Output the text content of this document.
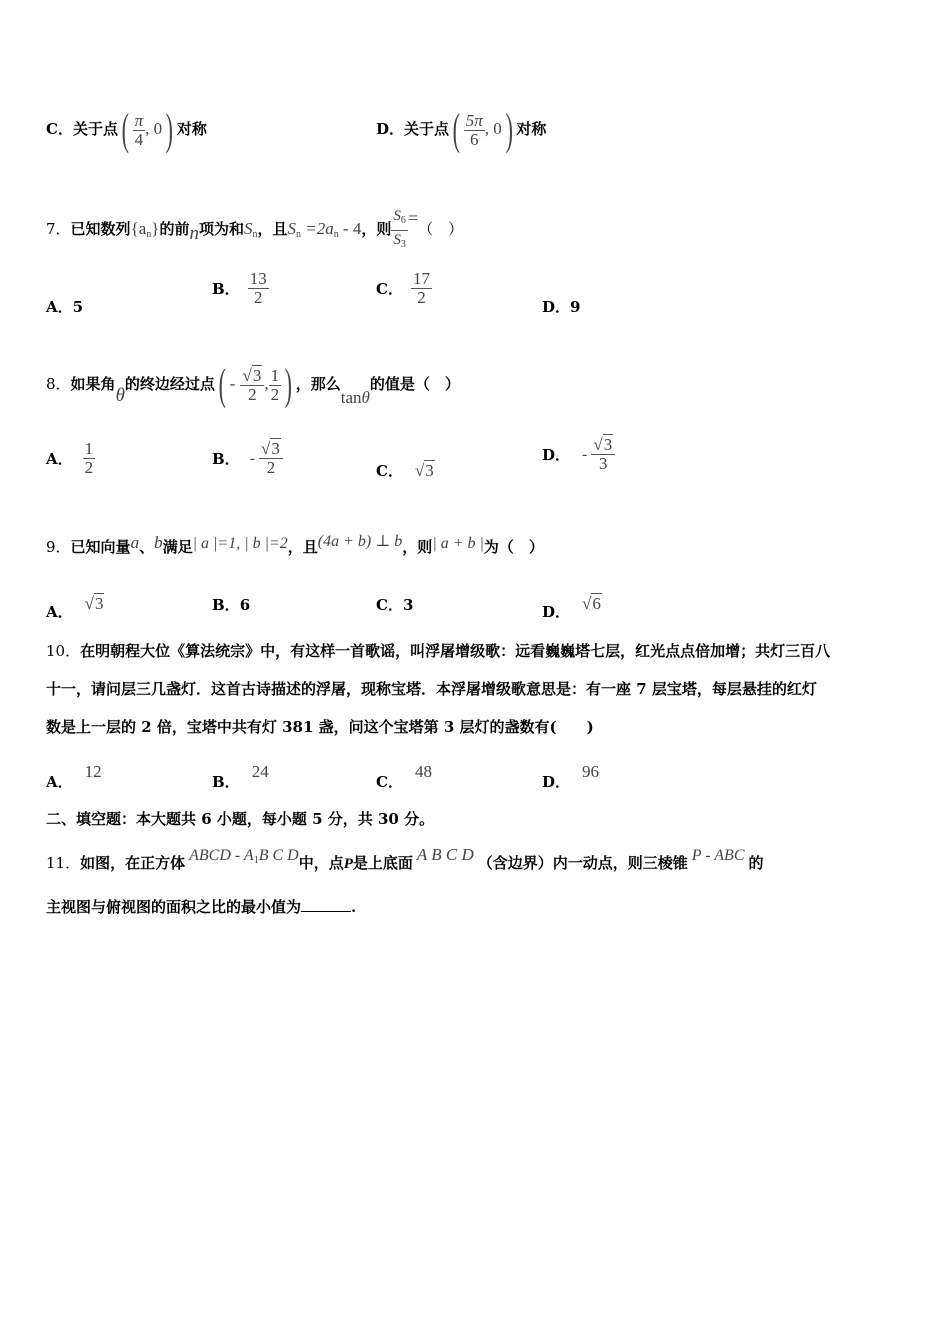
C．关于点( $\frac{\pi}{4}$ , 0) 对称	D．关于点( $\frac{5\pi}{6}$ , 0) 对称
7．已知数列$\{a_n\}$的前n项为和$S_n$，且$S_n =2a_n - 4$，则 $\frac{S_6}{S_3}$ =（　）
A．5
B． $\frac{13}{2}$	C． $\frac{17}{2}$	D．9
8．如果角θ的终边经过点( - $\frac{√3}{2}$ , $\frac{1}{2}$ ) ，那么tanθ的值是（　）
A． $\frac{1}{2}$	B． - $\frac{√3}{2}$	C． √3
D． - $\frac{√3}{3}$
9．已知向量a、b满足| a |=1, | b |=2，且(4a + b) ⊥ b，则| a + b |为（　）
A． √3	B．6	C．3	D． √6
10．在明朝程大位《算法统宗》中，有这样一首歌谣，叫浮屠增级歌：远看巍巍塔七层，红光点点倍加增；共灯三百八
十一，请问层三几盏灯．这首古诗描述的浮屠，现称宝塔．本浮屠增级歌意思是：有一座 7 层宝塔，每层悬挂的红灯
数是上一层的 2 倍，宝塔中共有灯 381 盏，问这个宝塔第 3 层灯的盏数有(　　)
A．12
B．24
C．48
D．96
二、填空题：本大题共 6 小题，每小题 5 分，共 30 分。
11．如图，在正方体 ABCD - $A_1B$ C D中，点P是上底面 A B C D （含边界）内一动点，则三棱锥 P - ABC 的
主视图与俯视图的面积之比的最小值为	.
